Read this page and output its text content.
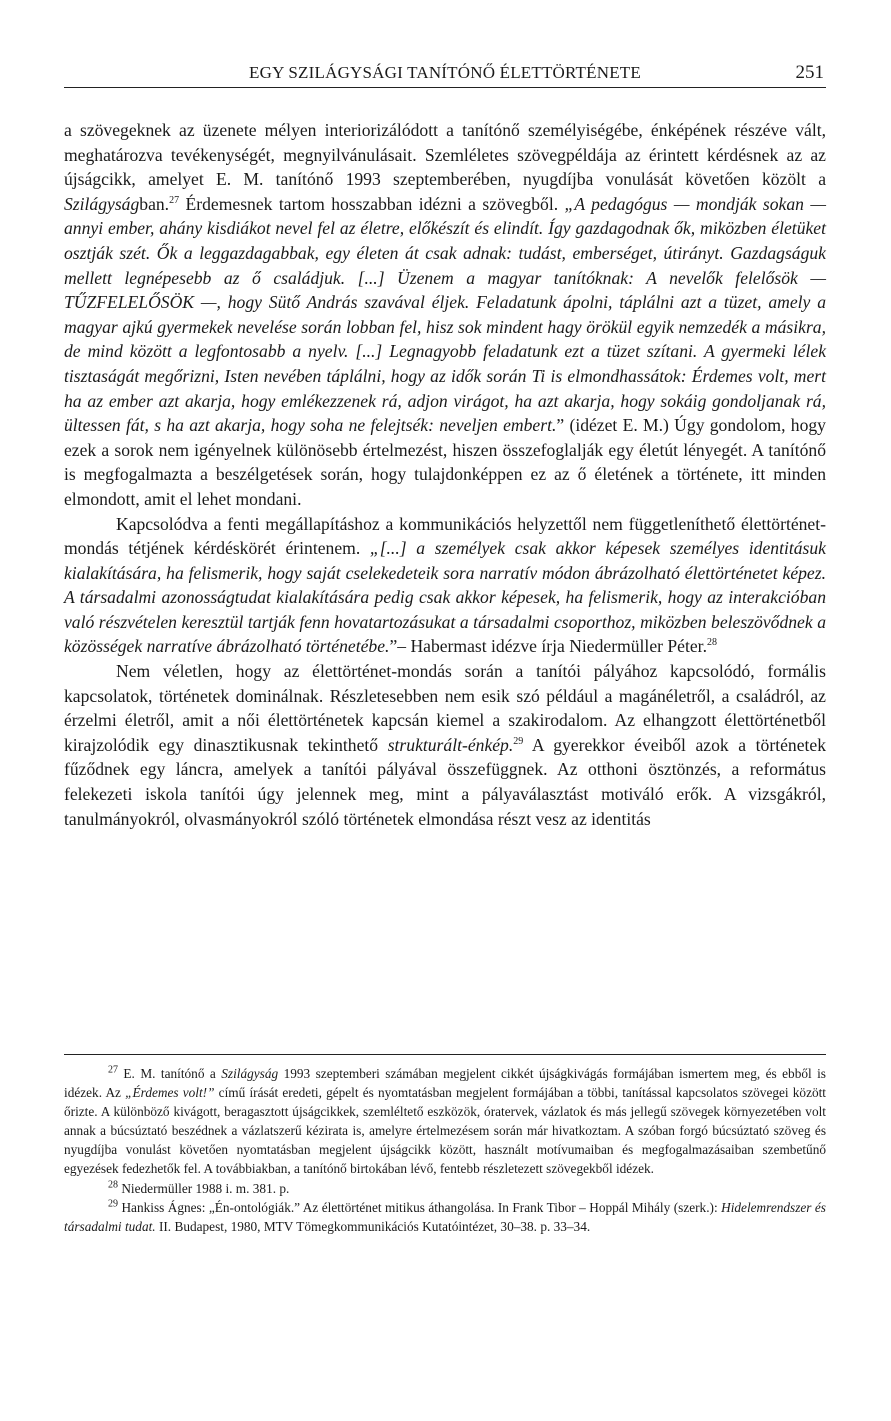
EGY SZILÁGYSÁGI TANÍTÓNŐ ÉLETTÖRTÉNETE	251

a szövegeknek az üzenete mélyen interiorizálódott a tanítónő személyiségébe, énképének részéve vált, meghatározva tevékenységét, megnyilvánulásait. Szemléletes szövegpéldája az érintett kérdésnek az az újságcikk, amelyet E. M. tanítónő 1993 szeptemberében, nyugdíjba vonulását követően közölt a Szilágyságban.$^{27}$ Érdemesnek tartom hosszabban idézni a szövegből. „A pedagógus — mondják sokan — annyi ember, ahány kisdiákot nevel fel az életre, előkészít és elindít. Így gazdagodnak ők, miközben életüket osztják szét. Ők a leggazdagabbak, egy életen át csak adnak: tudást, emberséget, útirányt. Gazdagságuk mellett legnépesebb az ő családjuk. [...] Üzenem a magyar tanítóknak: A nevelők felelősök — TŰZFELELŐSÖK —, hogy Sütő András szavával éljek. Feladatunk ápolni, táplálni azt a tüzet, amely a magyar ajkú gyermekek nevelése során lobban fel, hisz sok mindent hagy örökül egyik nemzedék a másikra, de mind között a legfontosabb a nyelv. [...] Legnagyobb feladatunk ezt a tüzet szítani. A gyermeki lélek tisztaságát megőrizni, Isten nevében táplálni, hogy az idők során Ti is elmondhassátok: Érdemes volt, mert ha az ember azt akarja, hogy emlékezzenek rá, adjon virágot, ha azt akarja, hogy sokáig gondoljanak rá, ültessen fát, s ha azt akarja, hogy soha ne felejtsék: neveljen embert.” (idézet E. M.) Úgy gondolom, hogy ezek a sorok nem igényelnek különösebb értelmezést, hiszen összefoglalják egy életút lényegét. A tanítónő is megfogalmazta a beszélgetések során, hogy tulajdonképpen ez az ő életének a története, itt minden elmondott, amit el lehet mondani.

Kapcsolódva a fenti megállapításhoz a kommunikációs helyzettől nem függetleníthető élettörténet-mondás tétjének kérdéskörét érintenem. „[...] a személyek csak akkor képesek személyes identitásuk kialakítására, ha felismerik, hogy saját cselekedeteik sora narratív módon ábrázolható élettörténetet képez. A társadalmi azonosságtudat kialakítására pedig csak akkor képesek, ha felismerik, hogy az interakcióban való részvételen keresztül tartják fenn hovatartozásukat a társadalmi csoporthoz, miközben beleszövődnek a közösségek narratíve ábrázolható történetébe.”– Habermast idézve írja Niedermüller Péter.$^{28}$

Nem véletlen, hogy az élettörténet-mondás során a tanítói pályához kapcsolódó, formális kapcsolatok, történetek dominálnak. Részletesebben nem esik szó például a magánéletről, a családról, az érzelmi életről, amit a női élettörténetek kapcsán kiemel a szakirodalom. Az elhangzott élettörténetből kirajzolódik egy dinasztikusnak tekinthető strukturált-énkép.$^{29}$ A gyerekkor éveiből azok a történetek fűződnek egy láncra, amelyek a tanítói pályával összefüggnek. Az otthoni ösztönzés, a református felekezeti iskola tanítói úgy jelennek meg, mint a pályaválasztást motiváló erők. A vizsgákról, tanulmányokról, olvasmányokról szóló történetek elmondása részt vesz az identitás

$^{27}$ E. M. tanítónő a Szilágyság 1993 szeptemberi számában megjelent cikkét újságkivágás formájában ismertem meg, és ebből is idézek. Az „Érdemes volt!” című írását eredeti, gépelt és nyomtatásban megjelent formájában a többi, tanítással kapcsolatos szövegei között őrizte. A különböző kivágott, beragasztott újságcikkek, szemléltető eszközök, óratervek, vázlatok és más jellegű szövegek környezetében volt annak a búcsúztató beszédnek a vázlatszerű kézirata is, amelyre értelmezésem során már hivatkoztam. A szóban forgó búcsúztató szöveg és nyugdíjba vonulást követően nyomtatásban megjelent újságcikk között, használt motívumaiban és megfogalmazásaiban szembetűnő egyezések fedezhetők fel. A továbbiakban, a tanítónő birtokában lévő, fentebb részletezett szövegekből idézek.

$^{28}$ Niedermüller 1988 i. m. 381. p.

$^{29}$ Hankiss Ágnes: „Én-ontológiák.” Az élettörténet mitikus áthangolása. In Frank Tibor – Hoppál Mihály (szerk.): Hidelemrendszer és társadalmi tudat. II. Budapest, 1980, MTV Tömegkommunikációs Kutatóintézet, 30–38. p. 33–34.
